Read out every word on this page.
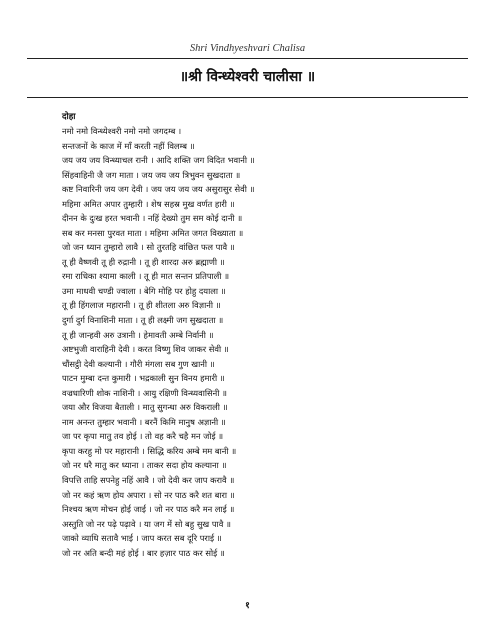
Shri Vindhyeshvari Chalisa
॥श्री विन्ध्येश्वरी चालीसा ॥
दोहा
नमो नमो विन्ध्येश्वरी नमो नमो जगदम्ब ।
सन्तजनों के काज में माँ करती नहीं विलम्ब ॥
जय जय जय विन्ध्याचल रानी । आदि शक्ति जग विदित भवानी ॥
सिंहवाहिनी जै जग माता । जय जय जय त्रिभुवन सुखदाता ॥
कष्ट निवारिनी जय जग देवी । जय जय जय जय असुरासुर सेवी ॥
महिमा अमित अपार तुम्हारी । शेष सहस्र मुख वर्णत हारी ॥
दीनन के दुःख हरत भवानी । नहिं देख्यो तुम सम कोई दानी ॥
सब कर मनसा पुरवत माता । महिमा अमित जगत विख्याता ॥
जो जन ध्यान तुम्हारो लावै । सो तुरतहि वांछित फल पावै ॥
तू ही वैष्णवी तू ही रुद्रानी । तू ही शारदा अरु ब्रह्माणी ॥
रमा राधिका श्यामा काली । तू ही मात सन्तन प्रतिपाली ॥
उमा माधवी चण्डी ज्वाला । बेगि मोहि पर होहु दयाला ॥
तू ही हिंगलाज महारानी । तू ही शीतला अरु विज्ञानी ॥
दुर्गा दुर्ग विनाशिनी माता । तू ही लक्ष्मी जग सुखदाता ॥
तू ही जान्हवी अरु उत्रानी । हेमावती अम्बे निर्वानी ॥
अष्टभुजी वाराहिनी देवी । करत विष्णु शिव जाकर सेवी ॥
चौंसट्ठी देवी कल्यानी । गौरी मंगला सब गुण खानी ॥
पाटन मुम्बा दन्त कुमारी । भद्रकाली सुन विनय हमारी ॥
वज्रधारिणी शोक नाशिनी । आयु रक्षिणी विन्ध्यवासिनी ॥
जया और विजया बैताली । मातु सुगन्धा अरु विकराली ॥
नाम अनन्त तुम्हार भवानी । बरनैं किमि मानुष अज्ञानी ॥
जा पर कृपा मातु तव होई । तो वह करै चहै मन जोई ॥
कृपा करहु मो पर महारानी । सिद्धि करिय अम्बे मम बानी ॥
जो नर धरै मातु कर ध्याना । ताकर सदा होय कल्याना ॥
विपत्ति ताहि सपनेहु नहिं आवै । जो देवी कर जाप करावै ॥
जो नर कहं ऋण होय अपारा । सो नर पाठ करै शत बारा ॥
निश्चय ऋण मोचन होई जाई । जो नर पाठ करै मन लाई ॥
अस्तुति जो नर पढ़े पढ़ावे । या जग में सो बहु सुख पावै ॥
जाको व्याधि सतावै भाई । जाप करत सब दूरि पराई ॥
जो नर अति बन्दी महं होई । बार हज़ार पाठ कर सोई ॥
१
